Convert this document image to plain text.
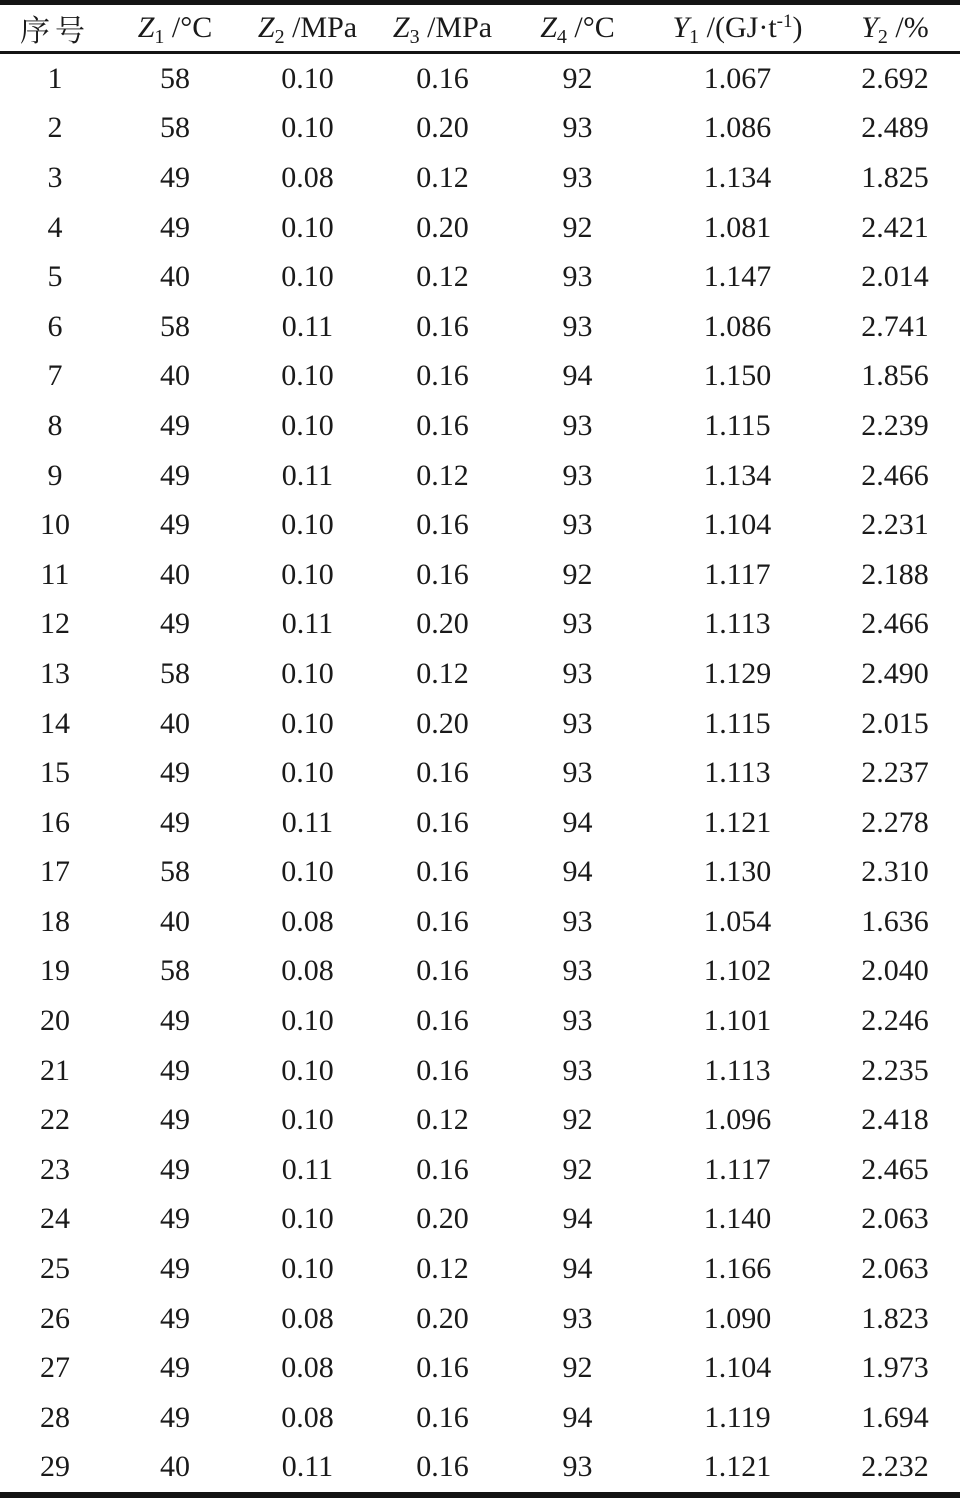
序号	$Z_1$ /°C	$Z_2$ /MPa	$Z_3$ /MPa	$Z_4$ /°C	$Y_1$ $/(GJ\cdot t^{-1})$	$Y_2$ /%
1	58	0.10	0.16	92	1.067	2.692
2	58	0.10	0.20	93	1.086	2.489
3	49	0.08	0.12	93	1.134	1.825
4	49	0.10	0.20	92	1.081	2.421
5	40	0.10	0.12	93	1.147	2.014
6	58	0.11	0.16	93	1.086	2.741
7	40	0.10	0.16	94	1.150	1.856
8	49	0.10	0.16	93	1.115	2.239
9	49	0.11	0.12	93	1.134	2.466
10	49	0.10	0.16	93	1.104	2.231
11	40	0.10	0.16	92	1.117	2.188
12	49	0.11	0.20	93	1.113	2.466
13	58	0.10	0.12	93	1.129	2.490
14	40	0.10	0.20	93	1.115	2.015
15	49	0.10	0.16	93	1.113	2.237
16	49	0.11	0.16	94	1.121	2.278
17	58	0.10	0.16	94	1.130	2.310
18	40	0.08	0.16	93	1.054	1.636
19	58	0.08	0.16	93	1.102	2.040
20	49	0.10	0.16	93	1.101	2.246
21	49	0.10	0.16	93	1.113	2.235
22	49	0.10	0.12	92	1.096	2.418
23	49	0.11	0.16	92	1.117	2.465
24	49	0.10	0.20	94	1.140	2.063
25	49	0.10	0.12	94	1.166	2.063
26	49	0.08	0.20	93	1.090	1.823
27	49	0.08	0.16	92	1.104	1.973
28	49	0.08	0.16	94	1.119	1.694
29	40	0.11	0.16	93	1.121	2.232
